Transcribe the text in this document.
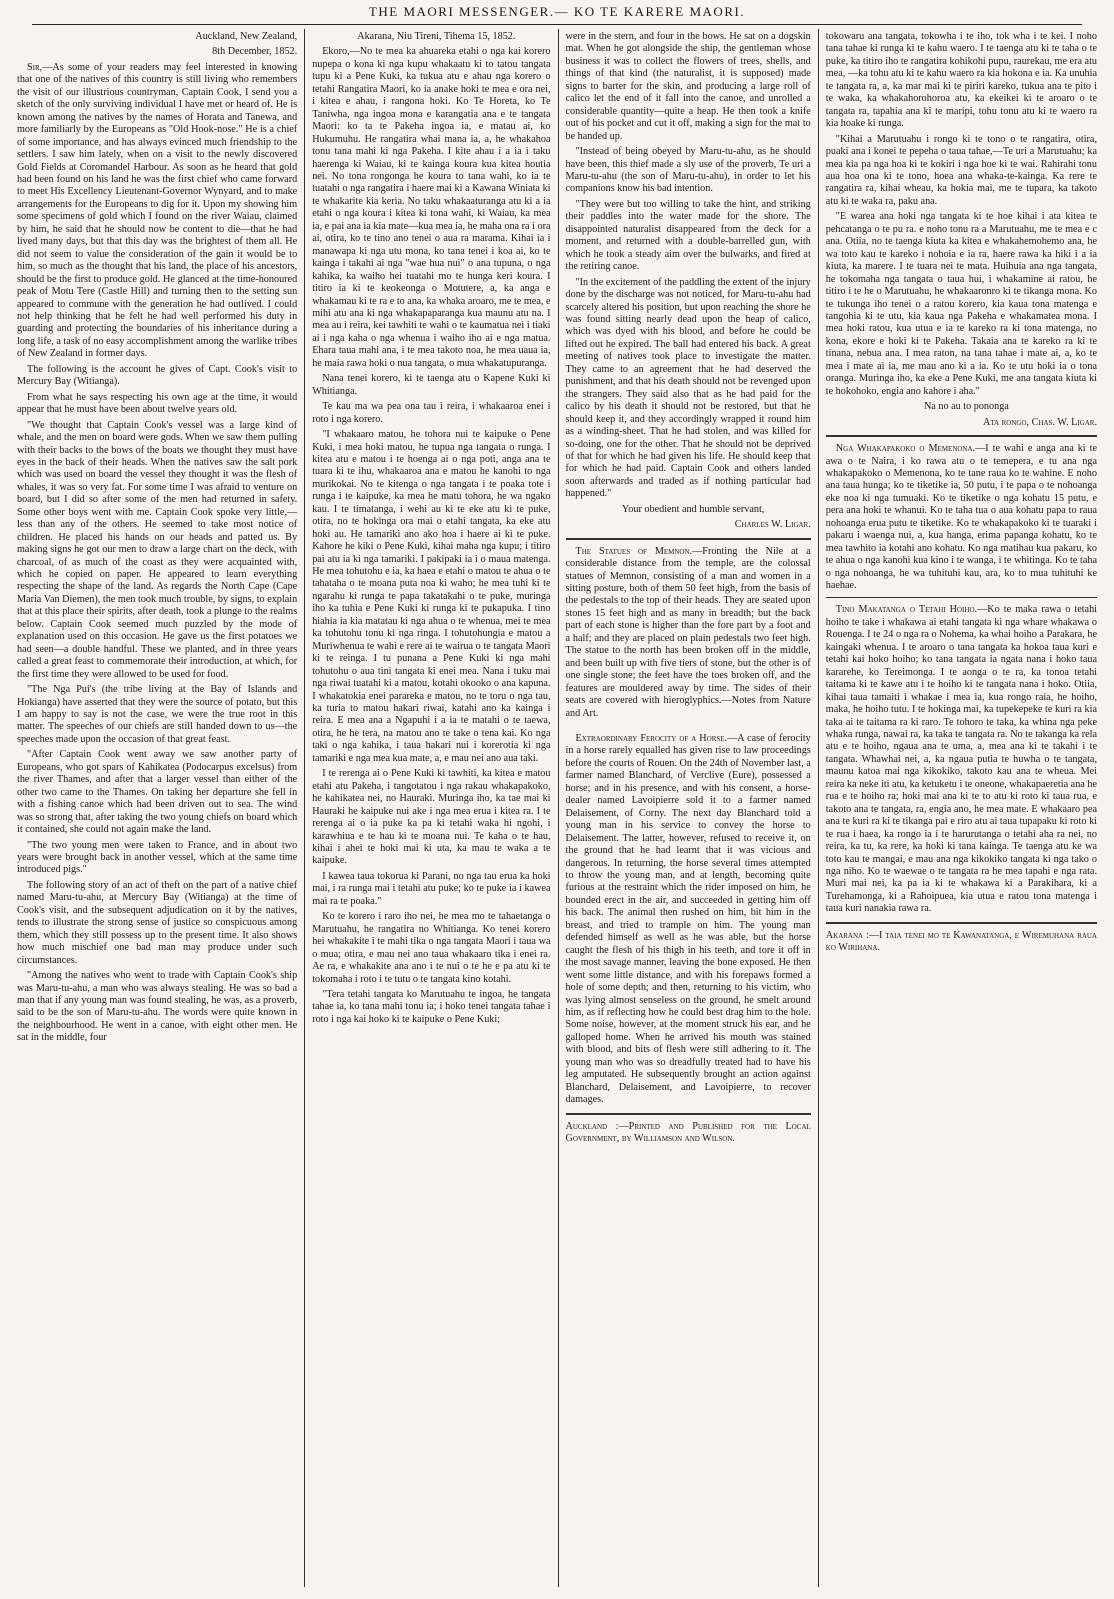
THE MAORI MESSENGER.— KO TE KARERE MAORI.

Auckland, New Zealand,

8th December, 1852.

Sir,—As some of your readers may feel interested in knowing that one of the natives of this country is still living who remembers the visit of our illustrious countryman, Captain Cook, I send you a sketch of the only surviving individual I have met or heard of. He is known among the natives by the names of Horata and Tanewa, and more familiarly by the Europeans as "Old Hook-nose." He is a chief of some importance, and has always evinced much friendship to the settlers. I saw him lately, when on a visit to the newly discovered Gold Fields at Coromandel Harbour. As soon as he heard that gold had been found on his land he was the first chief who came forward to meet His Excellency Lieutenant-Governor Wynyard, and to make arrangements for the Europeans to dig for it. Upon my showing him some specimens of gold which I found on the river Waiau, claimed by him, he said that he should now be content to die—that he had lived many days, but that this day was the brightest of them all. He did not seem to value the consideration of the gain it would be to him, so much as the thought that his land, the place of his ancestors, should be the first to produce gold. He glanced at the time-honoured peak of Motu Tere (Castle Hill) and turning then to the setting sun appeared to commune with the generation he had outlived. I could not help thinking that he felt he had well performed his duty in guarding and protecting the boundaries of his inheritance during a long life, a task of no easy accomplishment among the warlike tribes of New Zealand in former days.

The following is the account he gives of Capt. Cook's visit to Mercury Bay (Witianga).

From what he says respecting his own age at the time, it would appear that he must have been about twelve years old.

"We thought that Captain Cook's vessel was a large kind of whale, and the men on board were gods. When we saw them pulling with their backs to the bows of the boats we thought they must have eyes in the back of their heads. When the natives saw the salt pork which was used on board the vessel they thought it was the flesh of whales, it was so very fat. For some time I was afraid to venture on board, but I did so after some of the men had returned in safety. Some other boys went with me. Captain Cook spoke very little,—less than any of the others. He seemed to take most notice of children. He placed his hands on our heads and patted us. By making signs he got our men to draw a large chart on the deck, with charcoal, of as much of the coast as they were acquainted with, which he copied on paper. He appeared to learn everything respecting the shape of the land. As regards the North Cape (Cape Maria Van Diemen), the men took much trouble, by signs, to explain that at this place their spirits, after death, took a plunge to the realms below. Captain Cook seemed much puzzled by the mode of explanation used on this occasion. He gave us the first potatoes we had seen—a double handful. These we planted, and in three years called a great feast to commemorate their introduction, at which, for the first time they were allowed to be used for food.

"The Nga Pui's (the tribe living at the Bay of Islands and Hokianga) have asserted that they were the source of potato, but this I am happy to say is not the case, we were the true root in this matter. The speeches of our chiefs are still handed down to us—the speeches made upon the occasion of that great feast.

"After Captain Cook went away we saw another party of Europeans, who got spars of Kahikatea (Podocarpus excelsus) from the river Thames, and after that a larger vessel than either of the other two came to the Thames. On taking her departure she fell in with a fishing canoe which had been driven out to sea. The wind was so strong that, after taking the two young chiefs on board which it contained, she could not again make the land.

"The two young men were taken to France, and in about two years were brought back in another vessel, which at the same time introduced pigs."

The following story of an act of theft on the part of a native chief named Maru-tu-ahu, at Mercury Bay (Witianga) at the time of Cook's visit, and the subsequent adjudication on it by the natives, tends to illustrate the strong sense of justice so conspicuous among them, which they still possess up to the present time. It also shows how much mischief one bad man may produce under such circumstances.

"Among the natives who went to trade with Captain Cook's ship was Maru-tu-ahu, a man who was always stealing. He was so bad a man that if any young man was found stealing, he was, as a proverb, said to be the son of Maru-tu-ahu. The words were quite known in the neighbourhood. He went in a canoe, with eight other men. He sat in the middle, four

Akarana, Niu Tireni, Tihema 15, 1852.

Ekoro,—No te mea ka ahuareka etahi o nga kai korero nupepa o kona ki nga kupu whakaatu ki to tatou tangata tupu ki a Pene Kuki, ka tukua atu e ahau nga korero o tetahi Rangatira Maori, ko ia anake hoki te mea e ora nei, i kitea e ahau, i rangona hoki. Ko Te Horeta, ko Te Taniwha, nga ingoa mona e karangatia ana e te tangata Maori: ko ta te Pakeha ingoa ia, e matau ai, ko Hukumuhu. He rangatira whai mana ia, a, he whakahoa tonu tana mahi ki nga Pakeha. I kite ahau i a ia i taku haerenga ki Waiau, ki te kainga koura kua kitea houtia nei. No tona rongonga he koura to tana wahi, ko ia te tuatahi o nga rangatira i haere mai ki a Kawana Winiata ki te whakarite kia keria. No taku whakaaturanga atu ki a ia etahi o nga koura i kitea ki tona wahi, ki Waiau, ka mea ia, e pai ana ia kia mate—kua mea ia, he maha ona ra i ora ai, otira, ko te tino ano tenei o aua ra marama. Kihai ia i manawapa ki nga utu mona, ko tana tenei i koa ai, ko te kainga i takahi ai nga "wae hua nui" o ana tupuna, o nga kahika, ka waiho hei tuatahi mo te hunga keri koura. I titiro ia ki te keokeonga o Motutere, a, ka anga e whakamau ki te ra e to ana, ka whaka aroaro, me te mea, e mihi atu ana ki nga whakapaparanga kua maunu atu na. I mea au i reira, kei tawhiti te wahi o te kaumatua nei i tiaki ai i nga kaha o nga whenua i waiho iho ai e nga matua. Ehara taua mahi ana, i te mea takoto noa, he mea uaua ia, he maia rawa hoki o nua tangata, o mua whakatupuranga.

Nana tenei korero, ki te taenga atu o Kapene Kuki ki Whitianga.

Te kau ma wa pea ona tau i reira, i whakaaroa enei i roto i nga korero.

"I whakaaro matou, he tohora nui te kaipuke o Pene Kuki, i mea hoki matou, he tupua nga tangata o runga. I kitea atu e matou i te hoenga ai o nga poti, anga ana te tuara ki te ihu, whakaaroa ana e matou he kanohi to nga murikokai. No te kitenga o nga tangata i te poaka tote i runga i te kaipuke, ka mea he matu tohora, he wa ngako kau. I te timatanga, i wehi au ki te eke atu ki te puke, otira, no te hokinga ora mai o etahi tangata, ka eke atu hoki au. He tamariki ano ako hoa i haere ai ki te puke. Kahore he kiki o Pene Kuki, kihai maha nga kupu; i titiro pai atu ia ki nga tamariki. I pakipaki ia i o maua matenga. He mea tohutohu e ia, ka haea e etahi o matou te ahua o te tahataha o te moana puta noa ki waho; he mea tuhi ki te ngarahu ki runga te papa takatakahi o te puke, muringa iho ka tuhia e Pene Kuki ki runga ki te pukapuka. I tino hiahia ia kia matatau ki nga ahua o te whenua, mei te mea ka tohutohu tonu ki nga ringa. I tohutohungia e matou a Muriwhenua te wahi e rere ai te wairua o te tangata Maori ki te reinga. I tu punana a Pene Kuki ki nga mahi tohutohu o aua tini tangata ki enei mea. Nana i tuku mai nga riwai tuatahi ki a matou, kotahi okooko o ana kapuna. I whakatokia enei parareka e matou, no te toru o nga tau, ka turia to matou hakari riwai, katahi ano ka kainga i reira. E mea ana a Ngapuhi i a ia te matahi o te taewa, otira, he he tera, na matou ano te take o tena kai. Ko nga taki o nga kahika, i taua hakari nui i korerotia ki nga tamariki e nga mea kua mate, a, e mau nei ano aua taki.

I te rerenga ai o Pene Kuki ki tawhiti, ka kitea e matou etahi atu Pakeha, i tangotatou i nga rakau whakapakoko, he kahikatea nei, no Hauraki. Muringa iho, ka tae mai ki Hauraki he kaipuke nui ake i nga mea erua i kitea ra. I te rerenga ai o ia puke ka pa ki tetahi waka hi ngohi, i karawhiua e te hau ki te moana nui. Te kaha o te hau, kihai i ahei te hoki mai ki uta, ka mau te waka a te kaipuke.

I kawea taua tokorua ki Parani, no nga tau erua ka hoki mai, i ra runga mai i tetahi atu puke; ko te puke ia i kawea mai ra te poaka."

Ko te korero i raro iho nei, he mea mo te tahaetanga o Marutuahu, he rangatira no Whitianga. Ko tenei korero hei whakakite i te mahi tika o nga tangata Maori i taua wa o mua; otira, e mau nei ano taua whakaaro tika i enei ra. Ae ra, e whakakite ana ano i te nui o te he e pa atu ki te tokomaha i roto i te tutu o te tangata kino kotahi.

"Tera tetahi tangata ko Marutuahu te ingoa, he tangata tahae ia, ko tana mahi tonu ia; i hoko tenei tangata tahae i roto i nga kai hoko ki te kaipuke o Pene Kuki;

were in the stern, and four in the bows. He sat on a dogskin mat. When he got alongside the ship, the gentleman whose business it was to collect the flowers of trees, shells, and things of that kind (the naturalist, it is supposed) made signs to barter for the skin, and producing a large roll of calico let the end of it fall into the canoe, and unrolled a considerable quantity—quite a heap. He then took a knife out of his pocket and cut it off, making a sign for the mat to be handed up.

"Instead of being obeyed by Maru-tu-ahu, as he should have been, this thief made a sly use of the proverb, Te uri a Maru-tu-ahu (the son of Maru-tu-ahu), in order to let his companions know his bad intention.

"They were but too willing to take the hint, and striking their paddles into the water made for the shore. The disappointed naturalist disappeared from the deck for a moment, and returned with a double-barrelled gun, with which he took a steady aim over the bulwarks, and fired at the retiring canoe.

"In the excitement of the paddling the extent of the injury done by the discharge was not noticed, for Maru-tu-ahu had scarcely altered his position, but upon reaching the shore he was found sitting nearly dead upon the heap of calico, which was dyed with his blood, and before he could be lifted out he expired. The ball had entered his back. A great meeting of natives took place to investigate the matter. They came to an agreement that he had deserved the punishment, and that his death should not be revenged upon the strangers. They said also that as he had paid for the calico by his death it should not be restored, but that he should keep it, and they accordingly wrapped it round him as a winding-sheet. That he had stolen, and was killed for so-doing, one for the other. That he should not be deprived of that for which he had given his life. He should keep that for which he had paid. Captain Cook and others landed soon afterwards and traded as if nothing particular had happened."

Your obedient and humble servant,

Charles W. Ligar.

The Statues of Memnon.—Fronting the Nile at a considerable distance from the temple, are the colossal statues of Memnon, consisting of a man and women in a sitting posture, both of them 50 feet high, from the basis of the pedestals to the top of their heads. They are seated upon stones 15 feet high and as many in breadth; but the back part of each stone is higher than the fore part by a foot and a half; and they are placed on plain pedestals two feet high. The statue to the north has been broken off in the middle, and been built up with five tiers of stone, but the other is of one single stone; the feet have the toes broken off, and the features are mouldered away by time. The sides of their seats are covered with hieroglyphics.—Notes from Nature and Art.

Extraordinary Ferocity of a Horse.—A case of ferocity in a horse rarely equalled has given rise to law proceedings before the courts of Rouen. On the 24th of November last, a farmer named Blanchard, of Verclive (Eure), possessed a horse; and in his presence, and with his consent, a horse-dealer named Lavoipierre sold it to a farmer named Delaisement, of Corny. The next day Blanchard told a young man in his service to convey the horse to Delaisement. The latter, however, refused to receive it, on the ground that he had learnt that it was vicious and dangerous. In returning, the horse several times attempted to throw the young man, and at length, becoming quite furious at the restraint which the rider imposed on him, he bounded erect in the air, and succeeded in getting him off his back. The animal then rushed on him, bit him in the breast, and tried to trample on him. The young man defended himself as well as he was able, but the horse caught the flesh of his thigh in his teeth, and tore it off in the most savage manner, leaving the bone exposed. He then went some little distance, and with his forepaws formed a hole of some depth; and then, returning to his victim, who was lying almost senseless on the ground, he smelt around him, as if reflecting how he could best drag him to the hole. Some noise, however, at the moment struck his ear, and he galloped home. When he arrived his mouth was stained with blood, and bits of flesh were still adhering to it. The young man who was so dreadfully treated had to have his leg amputated. He subsequently brought an action against Blanchard, Delaisement, and Lavoipierre, to recover damages.

Auckland :—Printed and Published for the Local Government, by Williamson and Wilson.

tokowaru ana tangata, tokowha i te iho, tok wha i te kei. I noho tana tahae ki runga ki te kahu waero. I te taenga atu ki te taha o te puke, ka titiro iho te rangatira kohikohi pupu, raurekau, me era atu mea, —ka tohu atu ki te kahu waero ra kia hokona e ia. Ka unuhia te tangata ra, a, ka mar mai ki te piriri kareko, tukua ana te pito i te waka, ka whakahorohoroa atu, ka ekeikei ki te aroaro o te tangata ra, tapahia ana ki te maripi, tohu tonu atu ki te waero ra kia hoake ki runga.

"Kihai a Marutuahu i rongo ki te tono o te rangatira, otira, puaki ana i konei te pepeha o taua tahae,—Te uri a Marutuahu; ka mea kia pa nga hoa ki te kokiri i nga hoe ki te wai. Rahirahi tonu aua hoa ona ki te tono, hoea ana whaka-te-kainga. Ka rere te rangatira ra, kihai wheau, ka hokia mai, me te tupara, ka takoto atu ki te waka ra, paku ana.

"E warea ana hoki nga tangata ki te hoe kihai i ata kitea te pehcatanga o te pu ra. e noho tonu ra a Marutuahu, me te mea e c ana. Otiia, no te taenga kiuta ka kitea e whakahemohemo ana, he wa toto kau te kareko i nohoia e ia ra, haere rawa ka hiki i a ia kiuta, ka marere. I te tuara nei te mata. Huihuia ana nga tangata, he tokomaha nga tangata o taua hui, i whakamine ai ratou, he titiro i te he o Marutuahu, he whakaaronro ki te tikanga mona. Ko te tukunga iho tenei o a ratou korero, kia kaua tona matenga e tangohia ki te utu, kia kaua nga Pakeha e whakamatea mona. I mea hoki ratou, kua utua e ia te kareko ra ki tona matenga, no kona, ekore e hoki ki te Pakeha. Takaia ana te kareko ra ki te tinana, nebua ana. I mea raton, na tana tahae i mate ai, a, ko te mea i mate ai ia, me mau ano ki a ia. Ko te utu hoki ia o tona oranga. Muringa iho, ka eke a Pene Kuki, me ana tangata kiuta ki te hokohoko, engia ano kahore i aha."

Na no au to pononga

Ata rongo, Chas. W. Ligar.

Nga Whakapakoko o Memenona.—I te wahi e anga ana ki te awa o te Naira, i ko rawa atu o te temepera, e tu ana nga whakapakoko o Memenona, ko te tane raua ko te wahine. E noho ana taua hunga; ko te tiketike ia, 50 putu, i te papa o te nohoanga eke noa ki nga tumuaki. Ko te tiketike o nga kohatu 15 putu, e pera ana hoki te whanui. Ko te taha tua o aua kohatu papa to raua nohoanga erua putu te tiketike. Ko te whakapakoko ki te tuaraki i pakaru i waenga nui, a, kua hanga, erima papanga kohatu, ko te mea tawhito ia kotahi ano kohatu. Ko nga matihau kua pakaru, ko te ahua o nga kanohi kua kino i te wanga, i te whitinga. Ko te taha o nga nohoanga, he wa tuhituhi kau, ara, ko to mua tuhituhi ke haehae.

Tino Makatanga o Tetahi Hoiho.—Ko te maka rawa o tetahi hoiho te take i whakawa ai etahi tangata ki nga whare whakawa o Rouenga. I te 24 o nga ra o Nohema, ka whai hoiho a Parakara, he kaingaki whenua. I te aroaro o tana tangata ka hokoa taua kuri e tetahi kai hoko hoiho; ko tana tangata ia ngata nana i hoko taua kararehe, ko Tereimonga. I te aonga o te ra, ka tonoa tetahi taitama ki te kawe atu i te hoiho ki te tangata nana i hoko. Otiia, kihai taua tamaiti i whakae i mea ia, kua rongo raia, he hoiho, maka, he hoiho tutu. I te hokinga mai, ka tupekepeke te kuri ra kia taka ai te taitama ra ki raro. Te tohoro te taka, ka whina nga peke whaka runga, nawai ra, ka taka te tangata ra. No te takanga ka rela atu e te hoiho, ngaua ana te uma, a, mea ana ki te takahi i te tangata. Whawhai nei, a, ka ngaua putia te huwha o te tangata, maunu katoa mai nga kikokiko, takoto kau ana te wheua. Mei reira ka neke iti atu, ka ketuketu i te oneone, whakapaeretia ana he rua e te hoiho ra; hoki mai ana ki te to atu ki roto ki taua rua, e takoto ana te tangata, ra, engia ano, he mea mate. E whakaaro pea ana te kuri ra ki te tikanga pai e riro atu ai taua tupapaku ki roto ki te rua i haea, ka rongo ia i te harurutanga o tetahi aha ra nei, no reira, ka tu, ka rere, ka hoki ki tana kainga. Te taenga atu ke wa toto kau te mangai, e mau ana nga kikokiko tangata ki nga tako o nga niho. Ko te waewae o te tangata ra he mea tapahi e nga rata. Muri mai nei, ka pa ia ki te whakawa ki a Parakihara, ki a Turehamonga, ki a Rahoipuea, kia utua e ratou tona matenga i taua kuri nanakia rawa ra.

Akarana :—I taia tenei mo te Kawanatanga, e Wiremuhana raua ko Wirihana.
